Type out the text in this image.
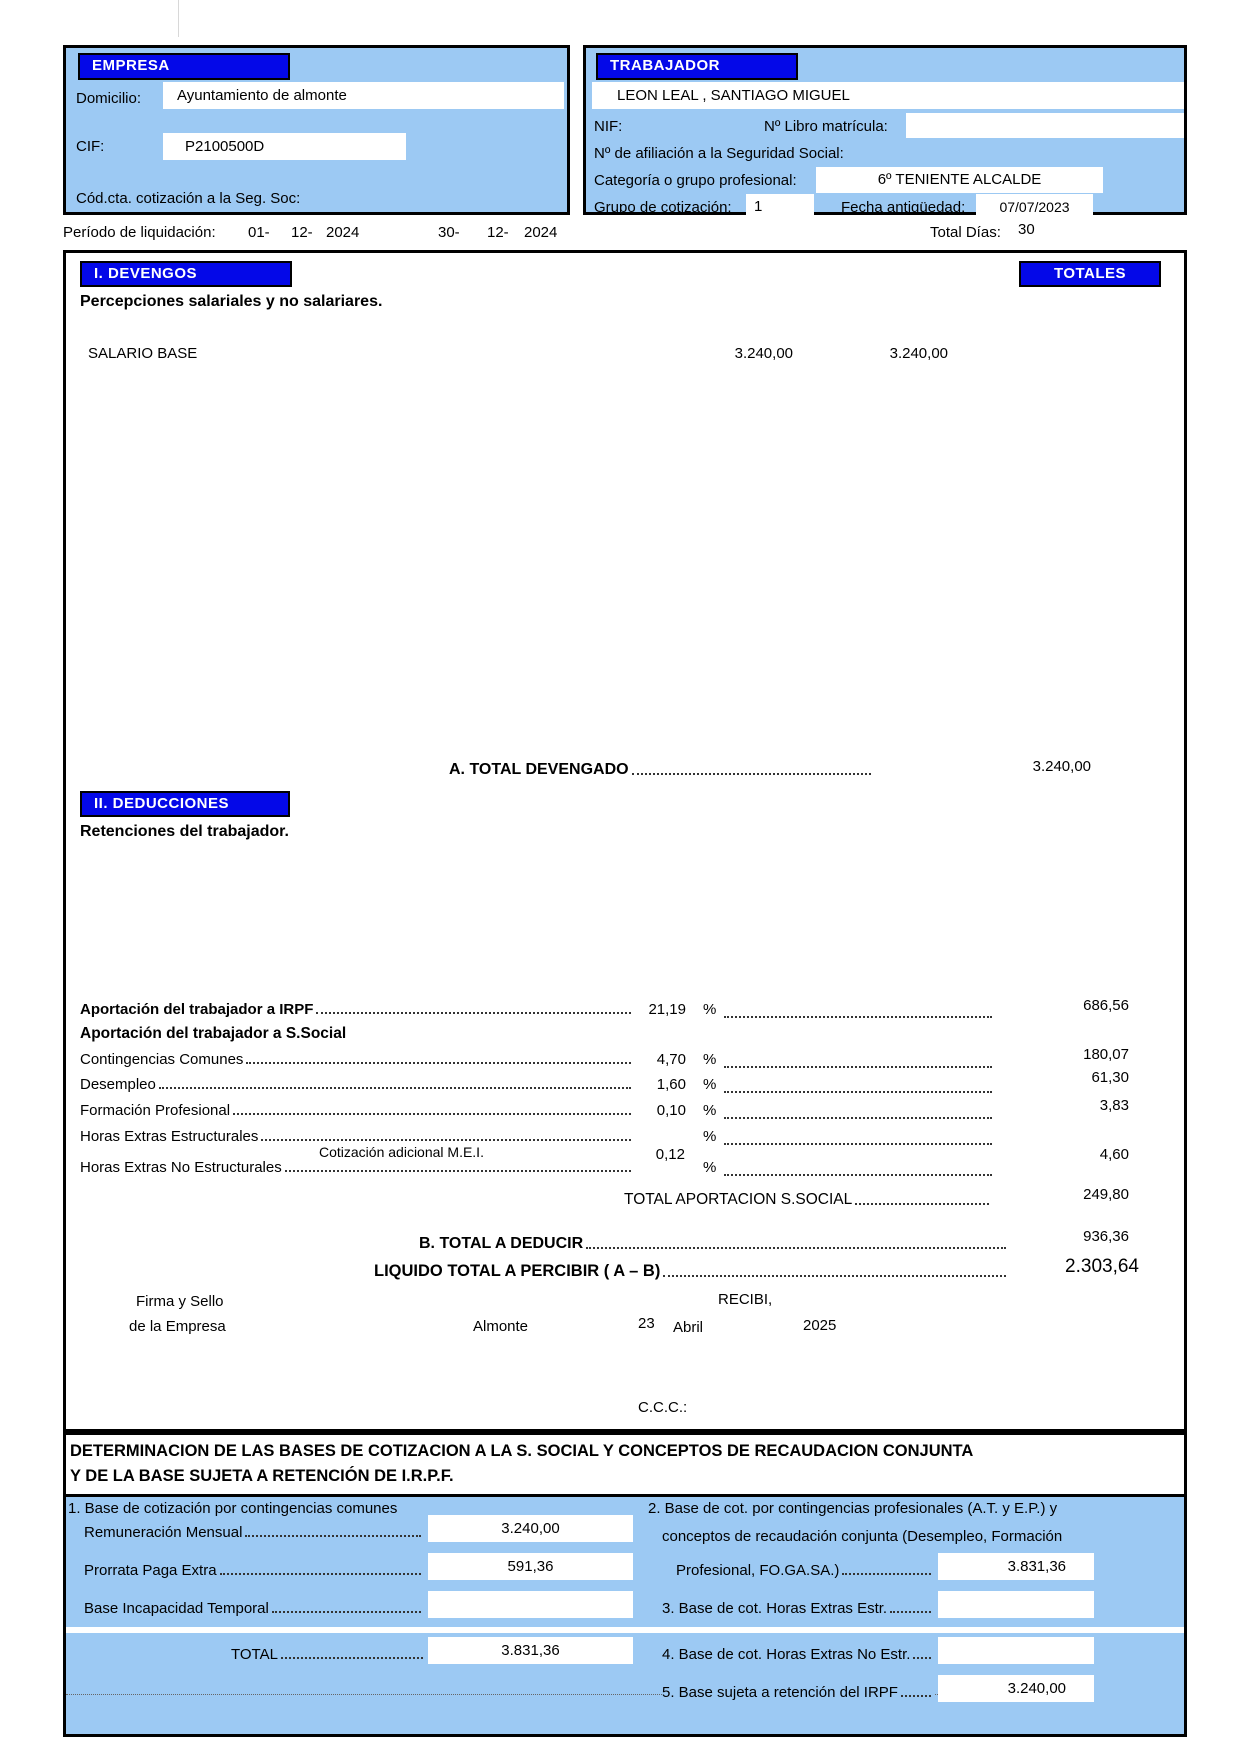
EMPRESA
Domicilio:	Ayuntamiento de almonte
CIF:	P2100500D
Cód.cta. cotización a la Seg. Soc:
TRABAJADOR
LEON LEAL , SANTIAGO MIGUEL
NIF:	Nº Libro matrícula:
Nº de afiliación a la Seguridad Social:
Categoría o grupo profesional:	6º TENIENTE ALCALDE
Grupo de cotización:	1	Fecha antigüedad:	07/07/2023
Período de liquidación: 01- 12- 2024	30- 12- 2024	Total Días: 30
I. DEVENGOS	TOTALES
Percepciones salariales y no salariares.
SALARIO BASE	3.240,00	3.240,00
A. TOTAL DEVENGADO	3.240,00
II. DEDUCCIONES
Retenciones del trabajador.
Aportación del trabajador a IRPF	21,19 %	686,56
Aportación del trabajador a S.Social
Contingencias Comunes	4,70 %	180,07
Desempleo	1,60 %	61,30
Formación Profesional	0,10 %	3,83
Horas Extras Estructurales	%
Cotización adicional M.E.I.	0,12	4,60
Horas Extras No Estructurales	%
TOTAL APORTACION S.SOCIAL	249,80
B. TOTAL A DEDUCIR	936,36
LIQUIDO TOTAL A PERCIBIR ( A – B)	2.303,64
RECIBI,
Firma y Sello
de la Empresa	Almonte	23 Abril	2025
C.C.C.:
DETERMINACION DE LAS BASES DE COTIZACION A LA S. SOCIAL Y CONCEPTOS DE RECAUDACION CONJUNTA
Y DE LA BASE SUJETA A RETENCIÓN DE I.R.P.F.
1. Base de cotización por contingencias comunes
Remuneración Mensual	3.240,00
Prorrata Paga Extra	591,36
Base Incapacidad Temporal
TOTAL	3.831,36
2. Base de cot. por contingencias profesionales (A.T. y E.P.) y
conceptos de recaudación conjunta (Desempleo, Formación
Profesional, FO.GA.SA.)	3.831,36
3. Base de cot. Horas Extras Estr.
4. Base de cot. Horas Extras No Estr.
5. Base sujeta a retención del IRPF	3.240,00
